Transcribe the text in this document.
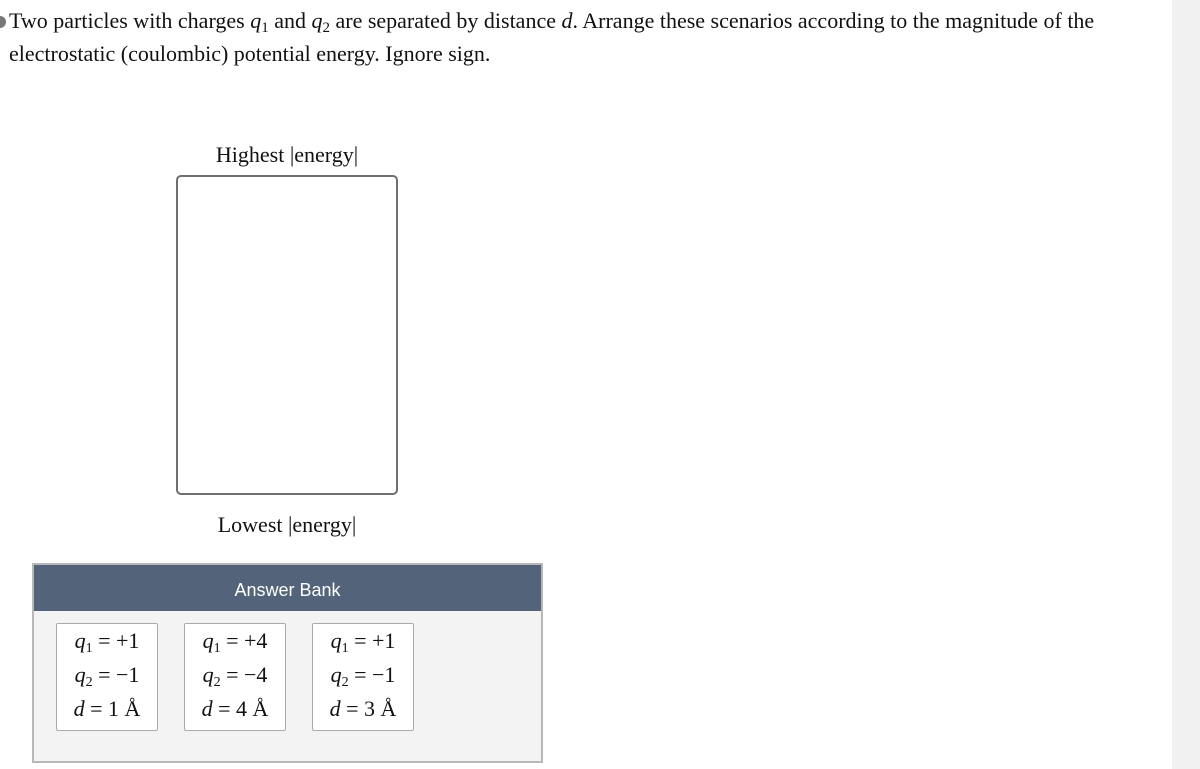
Two particles with charges $q_1$ and $q_2$ are separated by distance d. Arrange these scenarios according to the magnitude of the electrostatic (coulombic) potential energy. Ignore sign.
Highest |energy|
Lowest |energy|
Answer Bank
$q_1 = +1$
$q_2 = -1$
d = 1 Å
$q_1 = +4$
$q_2 = -4$
d = 4 Å
$q_1 = +1$
$q_2 = -1$
d = 3 Å
